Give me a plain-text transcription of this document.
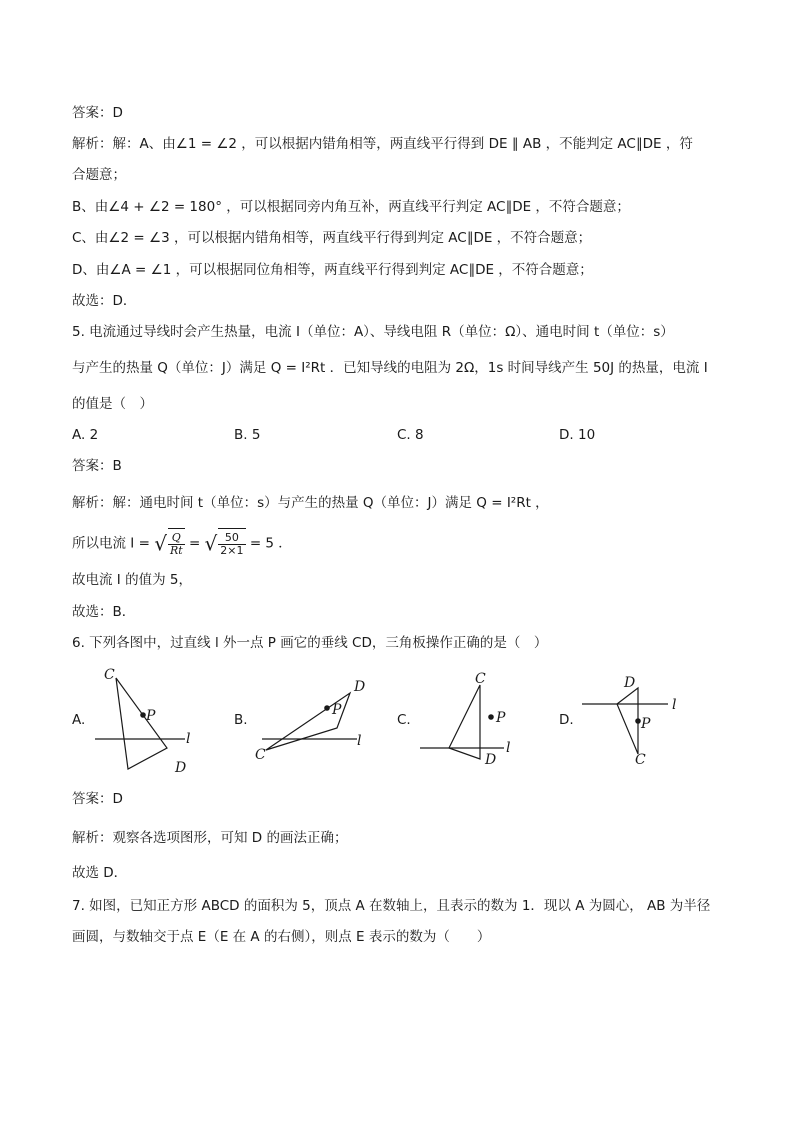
答案：D
解析：解：A、由∠1 = ∠2 ，可以根据内错角相等，两直线平行得到 DE ∥ AB ，不能判定 AC∥DE ，符
合题意；
B、由∠4 + ∠2 = 180° ，可以根据同旁内角互补，两直线平行判定 AC∥DE ，不符合题意；
C、由∠2 = ∠3 ，可以根据内错角相等，两直线平行得到判定 AC∥DE ，不符合题意；
D、由∠A = ∠1 ，可以根据同位角相等，两直线平行得到判定 AC∥DE ，不符合题意；
故选：D．
5. 电流通过导线时会产生热量，电流 I（单位：A）、导线电阻 R（单位：Ω）、通电时间 t（单位：s）
与产生的热量 Q（单位：J）满足 Q = I²Rt ．已知导线的电阻为 2Ω，1s 时间导线产生 50J 的热量，电流 I
的值是（　）
A. 2	B. 5	C. 8	D. 10
答案：B
解析：解：通电时间 t（单位：s）与产生的热量 Q（单位：J）满足 Q = I²Rt ，
所以电流 I = √ $\frac{Q}{Rt}$ = √ $\frac{50}{2\times 1} = 5$ ．
故电流 I 的值为 5，
故选：B．
6. 下列各图中，过直线 l 外一点 P 画它的垂线 CD，三角板操作正确的是（　）
A.	B.	C.	D.
C
P
l
D
D
P
l
C
C
P
l
D
D
l
P
C
答案：D
解析：观察各选项图形，可知 D 的画法正确；
故选 D．
7. 如图，已知正方形 ABCD 的面积为 5，顶点 A 在数轴上，且表示的数为 1．现以 A 为圆心， AB 为半径
画圆，与数轴交于点 E（E 在 A 的右侧），则点 E 表示的数为（　　）
